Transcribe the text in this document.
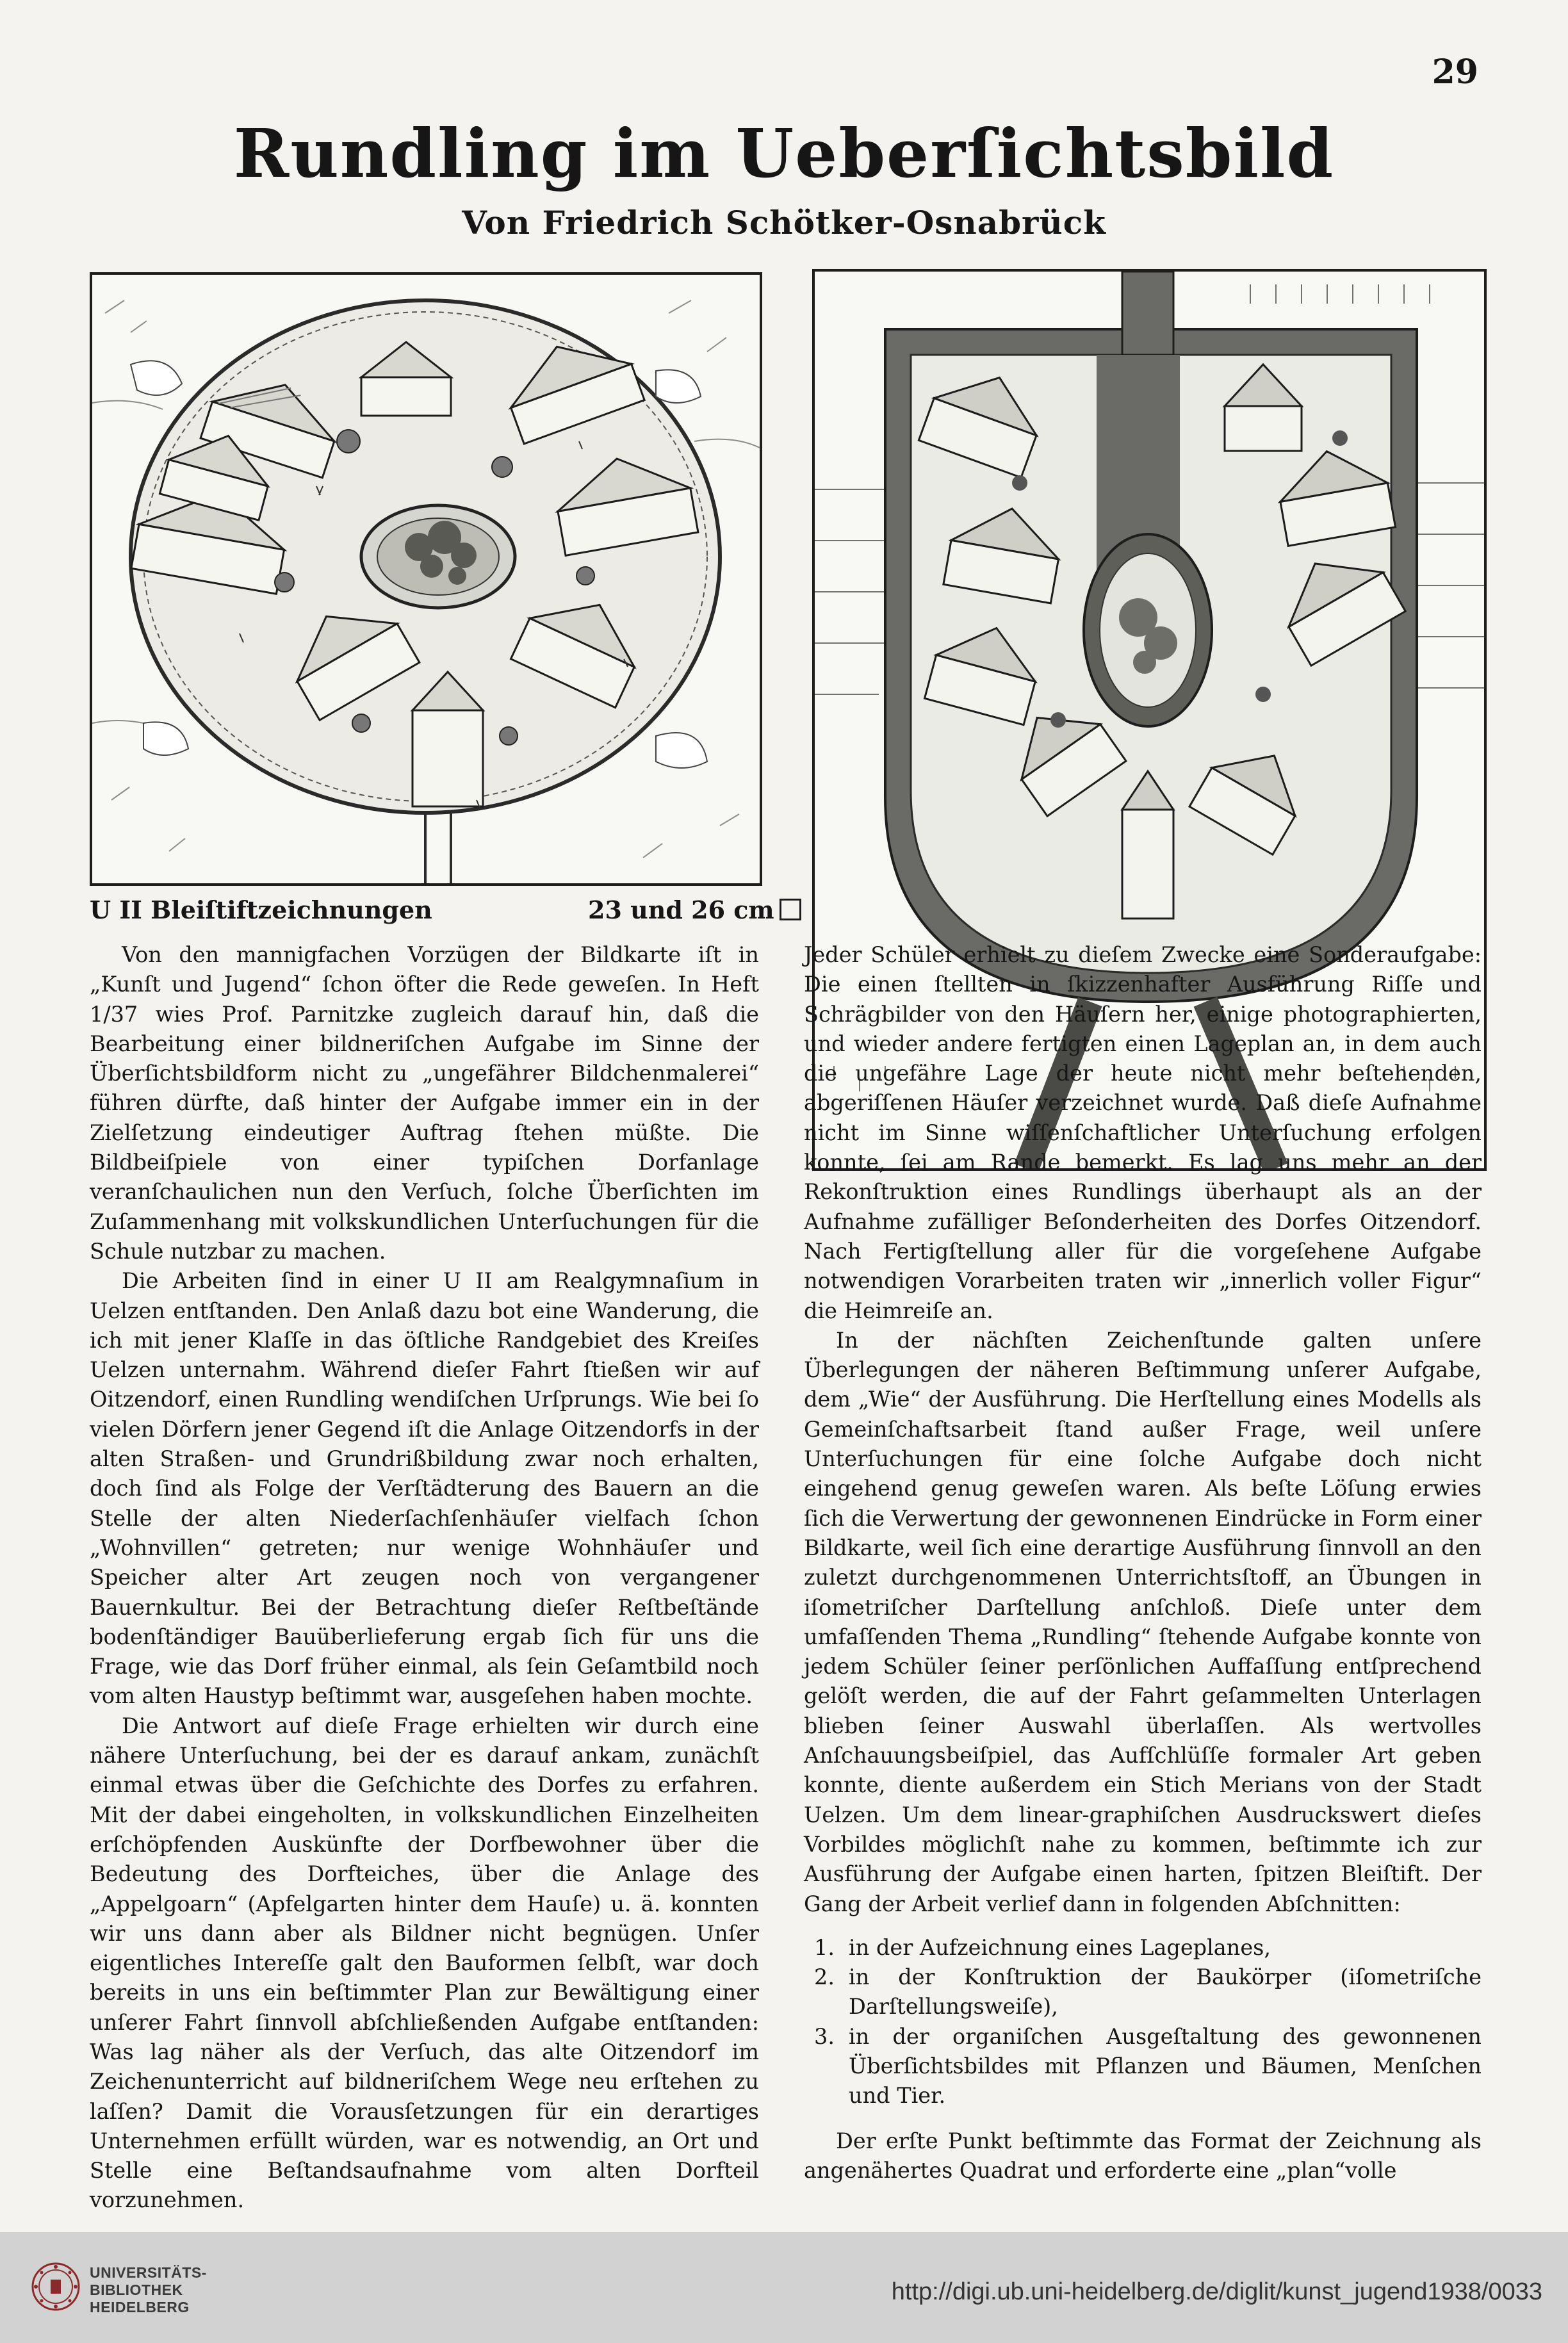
29
Rundling im Ueberſichtsbild
Von Friedrich Schötker-Osnabrück
U II Bleiſtiftzeichnungen	23 und 26 cm

Von den mannigfachen Vorzügen der Bildkarte iſt in „Kunſt und Jugend“ ſchon öfter die Rede geweſen. In Heft 1/37 wies Prof. Parnitzke zugleich darauf hin, daß die Bearbeitung einer bildneriſchen Aufgabe im Sinne der Überſichtsbildform nicht zu „ungefährer Bildchenmalerei“ führen dürfte, daß hinter der Aufgabe immer ein in der Zielſetzung eindeutiger Auftrag ſtehen müßte. Die Bildbeiſpiele von einer typiſchen Dorfanlage veranſchaulichen nun den Verſuch, ſolche Überſichten im Zuſammenhang mit volkskundlichen Unterſuchungen für die Schule nutzbar zu machen.

Die Arbeiten ſind in einer U II am Realgymnaſium in Uelzen entſtanden. Den Anlaß dazu bot eine Wanderung, die ich mit jener Klaſſe in das öſtliche Randgebiet des Kreiſes Uelzen unternahm. Während dieſer Fahrt ſtießen wir auf Oitzendorf, einen Rundling wendiſchen Urſprungs. Wie bei ſo vielen Dörfern jener Gegend iſt die Anlage Oitzendorfs in der alten Straßen- und Grundrißbildung zwar noch erhalten, doch ſind als Folge der Verſtädterung des Bauern an die Stelle der alten Niederſachſenhäuſer vielfach ſchon „Wohnvillen“ getreten; nur wenige Wohnhäuſer und Speicher alter Art zeugen noch von vergangener Bauernkultur. Bei der Betrachtung dieſer Reſtbeſtände bodenſtändiger Bauüberlieferung ergab ſich für uns die Frage, wie das Dorf früher einmal, als ſein Geſamtbild noch vom alten Haustyp beſtimmt war, ausgeſehen haben mochte.

Die Antwort auf dieſe Frage erhielten wir durch eine nähere Unterſuchung, bei der es darauf ankam, zunächſt einmal etwas über die Geſchichte des Dorfes zu erfahren. Mit der dabei eingeholten, in volkskundlichen Einzelheiten erſchöpfenden Auskünfte der Dorfbewohner über die Bedeutung des Dorfteiches, über die Anlage des „Appelgoarn“ (Apfelgarten hinter dem Hauſe) u. ä. konnten wir uns dann aber als Bildner nicht begnügen. Unſer eigentliches Intereſſe galt den Bauformen ſelbſt, war doch bereits in uns ein beſtimmter Plan zur Bewältigung einer unſerer Fahrt ſinnvoll abſchließenden Aufgabe entſtanden: Was lag näher als der Verſuch, das alte Oitzendorf im Zeichenunterricht auf bildneriſchem Wege neu erſtehen zu laſſen? Damit die Vorausſetzungen für ein derartiges Unternehmen erfüllt würden, war es notwendig, an Ort und Stelle eine Beſtandsaufnahme vom alten Dorfteil vorzunehmen.

Jeder Schüler erhielt zu dieſem Zwecke eine Sonderaufgabe: Die einen ſtellten in ſkizzenhafter Ausführung Riſſe und Schrägbilder von den Häuſern her, einige photographierten, und wieder andere fertigten einen Lageplan an, in dem auch die ungefähre Lage der heute nicht mehr beſtehenden, abgeriſſenen Häuſer verzeichnet wurde. Daß dieſe Aufnahme nicht im Sinne wiſſenſchaftlicher Unterſuchung erfolgen konnte, ſei am Rande bemerkt. Es lag uns mehr an der Rekonſtruktion eines Rundlings überhaupt als an der Aufnahme zufälliger Beſonderheiten des Dorfes Oitzendorf. Nach Fertigſtellung aller für die vorgeſehene Aufgabe notwendigen Vorarbeiten traten wir „innerlich voller Figur“ die Heimreiſe an.

In der nächſten Zeichenſtunde galten unſere Überlegungen der näheren Beſtimmung unſerer Aufgabe, dem „Wie“ der Ausführung. Die Herſtellung eines Modells als Gemeinſchaftsarbeit ſtand außer Frage, weil unſere Unterſuchungen für eine ſolche Aufgabe doch nicht eingehend genug geweſen waren. Als beſte Löſung erwies ſich die Verwertung der gewonnenen Eindrücke in Form einer Bildkarte, weil ſich eine derartige Ausführung ſinnvoll an den zuletzt durchgenommenen Unterrichtsſtoff, an Übungen in iſometriſcher Darſtellung anſchloß. Dieſe unter dem umfaſſenden Thema „Rundling“ ſtehende Aufgabe konnte von jedem Schüler ſeiner perſönlichen Auffaſſung entſprechend gelöſt werden, die auf der Fahrt geſammelten Unterlagen blieben ſeiner Auswahl überlaſſen. Als wertvolles Anſchauungsbeiſpiel, das Aufſchlüſſe formaler Art geben konnte, diente außerdem ein Stich Merians von der Stadt Uelzen. Um dem linear-graphiſchen Ausdruckswert dieſes Vorbildes möglichſt nahe zu kommen, beſtimmte ich zur Ausführung der Aufgabe einen harten, ſpitzen Bleiſtift. Der Gang der Arbeit verlief dann in folgenden Abſchnitten:

1. in der Aufzeichnung eines Lageplanes,
2. in der Konſtruktion der Baukörper (iſometriſche Darſtellungsweiſe),
3. in der organiſchen Ausgeſtaltung des gewonnenen Überſichtsbildes mit Pflanzen und Bäumen, Menſchen und Tier.

Der erſte Punkt beſtimmte das Format der Zeichnung als angenähertes Quadrat und erforderte eine „plan“volle

UNIVERSITÄTS-
BIBLIOTHEK
HEIDELBERG
http://digi.ub.uni-heidelberg.de/diglit/kunst_jugend1938/0033
